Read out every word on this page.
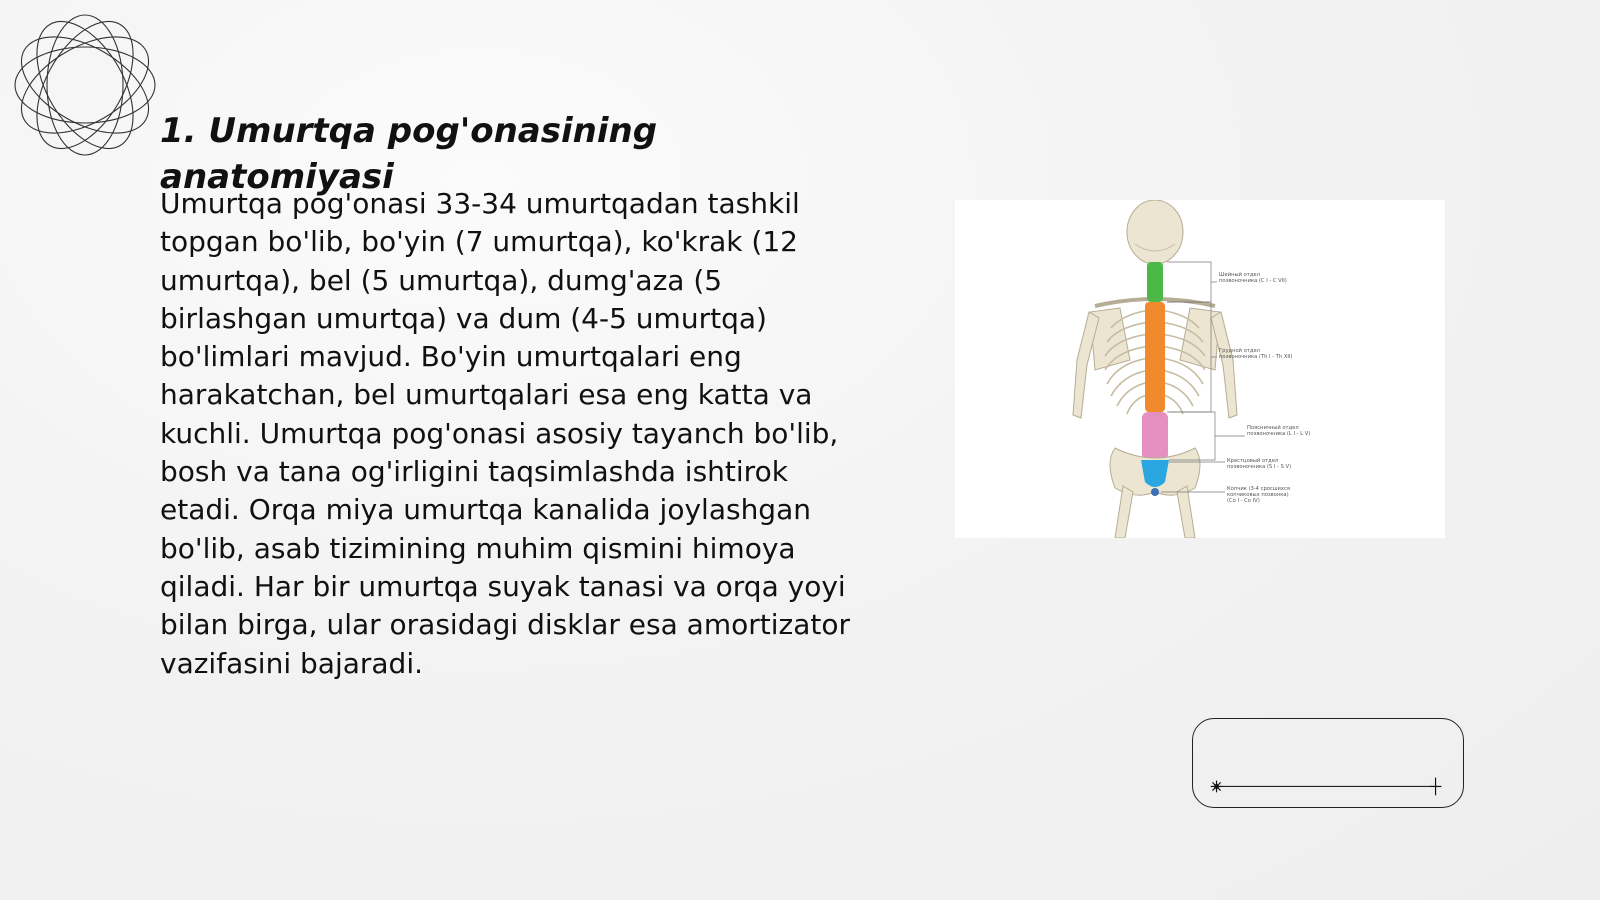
1. Umurtqa pog'onasining anatomiyasi

Umurtqa pog'onasi 33-34 umurtqadan tashkil topgan bo'lib, bo'yin (7 umurtqa), ko'krak (12 umurtqa), bel (5 umurtqa), dumg'aza (5 birlashgan umurtqa) va dum (4-5 umurtqa) bo'limlari mavjud. Bo'yin umurtqalari eng harakatchan, bel umurtqalari esa eng katta va kuchli. Umurtqa pog'onasi asosiy tayanch bo'lib, bosh va tana og'irligini taqsimlashda ishtirok etadi. Orqa miya umurtqa kanalida joylashgan bo'lib, asab tizimining muhim qismini himoya qiladi. Har bir umurtqa suyak tanasi va orqa yoyi bilan birga, ular orasidagi disklar esa amortizator vazifasini bajaradi.

Шейный отдел позвоночника (C I - C VII)
Грудной отдел позвоночника (Th I - Th XII)
Поясничный отдел позвоночника (L I - L V)
Крестцовый отдел позвоночника (S I - S V)
Копчик (3-4 сросшихся копчиковых позвонка) (Co I - Co IV)
